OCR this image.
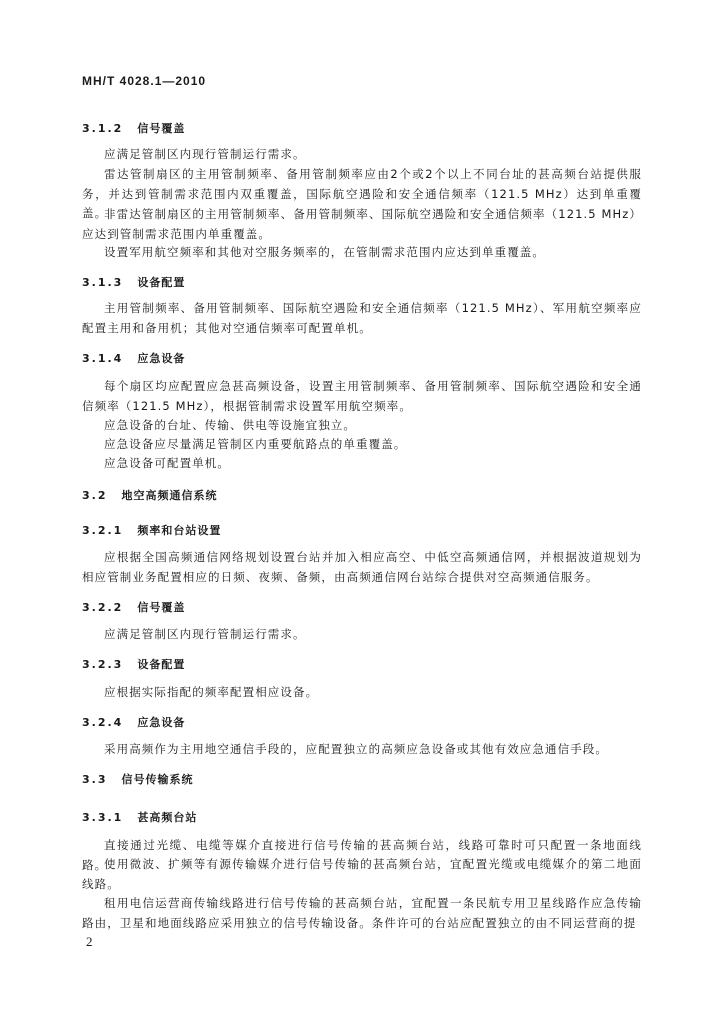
MH/T 4028.1—2010
3.1.2 信号覆盖

应满足管制区内现行管制运行需求。

雷达管制扇区的主用管制频率、备用管制频率应由2个或2个以上不同台址的甚高频台站提供服务，并达到管制需求范围内双重覆盖，国际航空遇险和安全通信频率（121.5 MHz）达到单重覆盖。

非雷达管制扇区的主用管制频率、备用管制频率、国际航空遇险和安全通信频率（121.5 MHz）应达到管制需求范围内单重覆盖。

设置军用航空频率和其他对空服务频率的，在管制需求范围内应达到单重覆盖。

3.1.3 设备配置

主用管制频率、备用管制频率、国际航空遇险和安全通信频率（121.5 MHz）、军用航空频率应配置主用和备用机；其他对空通信频率可配置单机。

3.1.4 应急设备

每个扇区均应配置应急甚高频设备，设置主用管制频率、备用管制频率、国际航空遇险和安全通信频率（121.5 MHz），根据管制需求设置军用航空频率。

应急设备的台址、传输、供电等设施宜独立。

应急设备应尽量满足管制区内重要航路点的单重覆盖。

应急设备可配置单机。

3.2 地空高频通信系统
3.2.1 频率和台站设置

应根据全国高频通信网络规划设置台站并加入相应高空、中低空高频通信网，并根据波道规划为相应管制业务配置相应的日频、夜频、备频，由高频通信网台站综合提供对空高频通信服务。

3.2.2 信号覆盖

应满足管制区内现行管制运行需求。

3.2.3 设备配置

应根据实际指配的频率配置相应设备。

3.2.4 应急设备

采用高频作为主用地空通信手段的，应配置独立的高频应急设备或其他有效应急通信手段。

3.3 信号传输系统
3.3.1 甚高频台站

直接通过光缆、电缆等媒介直接进行信号传输的甚高频台站，线路可靠时可只配置一条地面线路。

使用微波、扩频等有源传输媒介进行信号传输的甚高频台站，宜配置光缆或电缆媒介的第二地面线路。

租用电信运营商传输线路进行信号传输的甚高频台站，宜配置一条民航专用卫星线路作应急传输路由，卫星和地面线路应采用独立的信号传输设备。条件许可的台站应配置独立的由不同运营商的提

2
